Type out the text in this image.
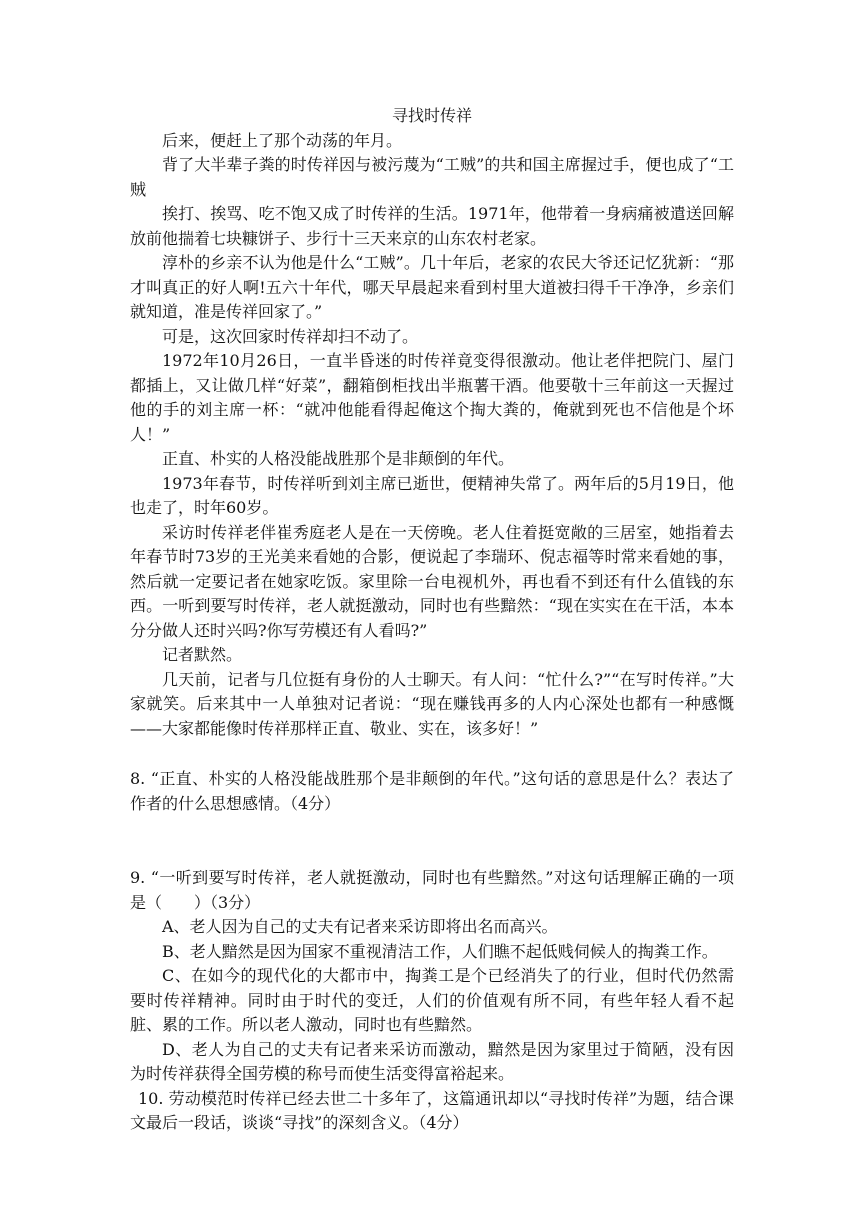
寻找时传祥

后来，便赶上了那个动荡的年月。

背了大半辈子粪的时传祥因与被污蔑为“工贼”的共和国主席握过手，便也成了“工贼

挨打、挨骂、吃不饱又成了时传祥的生活。1971年，他带着一身病痛被遣送回解放前他揣着七块糠饼子、步行十三天来京的山东农村老家。

淳朴的乡亲不认为他是什么“工贼”。几十年后，老家的农民大爷还记忆犹新：“那才叫真正的好人啊!五六十年代，哪天早晨起来看到村里大道被扫得千干净净，乡亲们就知道，准是传祥回家了。”

可是，这次回家时传祥却扫不动了。

1972年10月26日，一直半昏迷的时传祥竟变得很激动。他让老伴把院门、屋门都插上，又让做几样“好菜”，翻箱倒柜找出半瓶薯干酒。他要敬十三年前这一天握过他的手的刘主席一杯：“就冲他能看得起俺这个掏大粪的，俺就到死也不信他是个坏人！”

正直、朴实的人格没能战胜那个是非颠倒的年代。

1973年春节，时传祥听到刘主席已逝世，便精神失常了。两年后的5月19日，他也走了，时年60岁。

采访时传祥老伴崔秀庭老人是在一天傍晚。老人住着挺宽敞的三居室，她指着去年春节时73岁的王光美来看她的合影，便说起了李瑞环、倪志福等时常来看她的事，然后就一定要记者在她家吃饭。家里除一台电视机外，再也看不到还有什么值钱的东西。一听到要写时传祥，老人就挺激动，同时也有些黯然：“现在实实在在干活，本本分分做人还时兴吗?你写劳模还有人看吗?”

记者默然。

几天前，记者与几位挺有身份的人士聊天。有人问：“忙什么?”“在写时传祥。”大家就笑。后来其中一人单独对记者说：“现在赚钱再多的人内心深处也都有一种感慨——大家都能像时传祥那样正直、敬业、实在，该多好！”

8. “正直、朴实的人格没能战胜那个是非颠倒的年代。”这句话的意思是什么？表达了作者的什么思想感情。（4分）

9. “一听到要写时传祥，老人就挺激动，同时也有些黯然。”对这句话理解正确的一项是（　　）（3分）

A、老人因为自己的丈夫有记者来采访即将出名而高兴。

B、老人黯然是因为国家不重视清洁工作，人们瞧不起低贱伺候人的掏粪工作。

C、在如今的现代化的大都市中，掏粪工是个已经消失了的行业，但时代仍然需要时传祥精神。同时由于时代的变迁，人们的价值观有所不同，有些年轻人看不起脏、累的工作。所以老人激动，同时也有些黯然。

D、老人为自己的丈夫有记者来采访而激动，黯然是因为家里过于简陋，没有因为时传祥获得全国劳模的称号而使生活变得富裕起来。

10. 劳动模范时传祥已经去世二十多年了，这篇通讯却以“寻找时传祥”为题，结合课文最后一段话，谈谈“寻找”的深刻含义。（4分）
